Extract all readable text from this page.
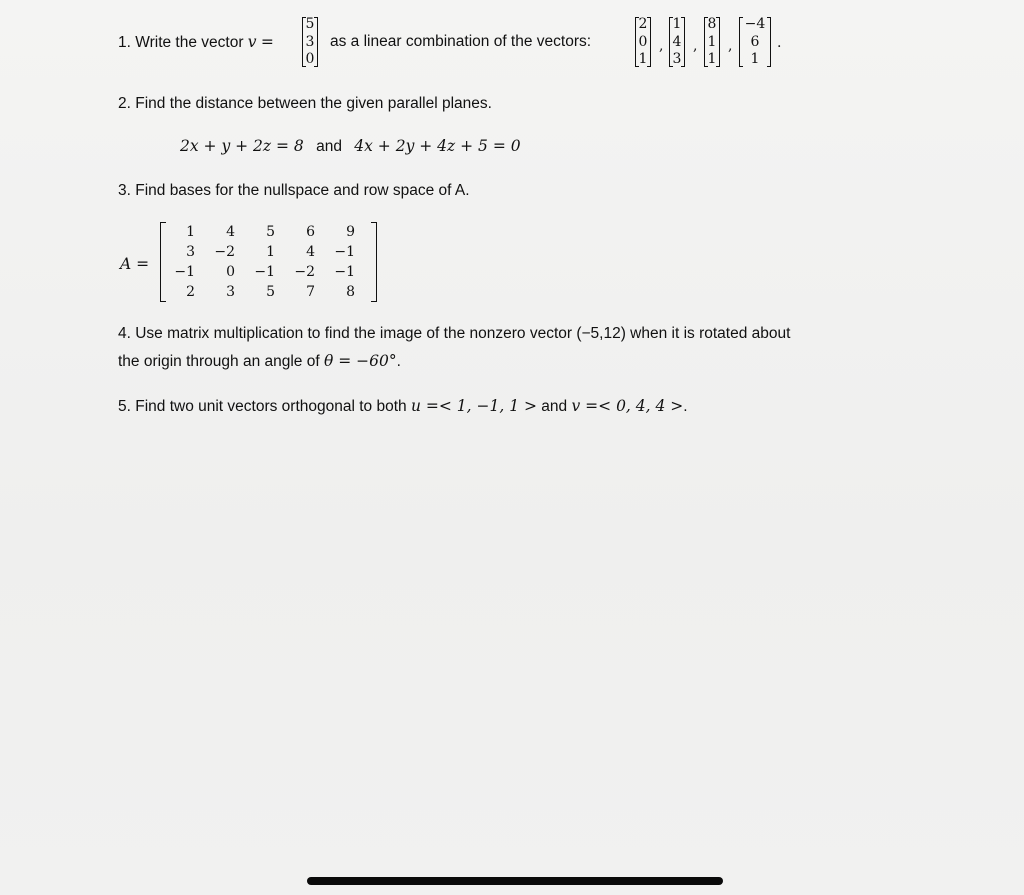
1. Write the vector v =
5
3
0
as a linear combination of the vectors:
2
0
1
,
1
4
3
,
8
1
1
,
−4
6
1
.
2. Find the distance between the given parallel planes.
2x + y + 2z = 8 and 4x + 2y + 4z + 5 = 0
3. Find bases for the nullspace and row space of A.
A =
1	4	5	6	9
3	−2	1	4	−1
−1	0	−1	−2	−1
2	3	5	7	8
4. Use matrix multiplication to find the image of the nonzero vector (−5,12) when it is rotated about
the origin through an angle of θ = −60°.
5. Find two unit vectors orthogonal to both u =< 1, −1, 1 > and v =< 0, 4, 4 >.
